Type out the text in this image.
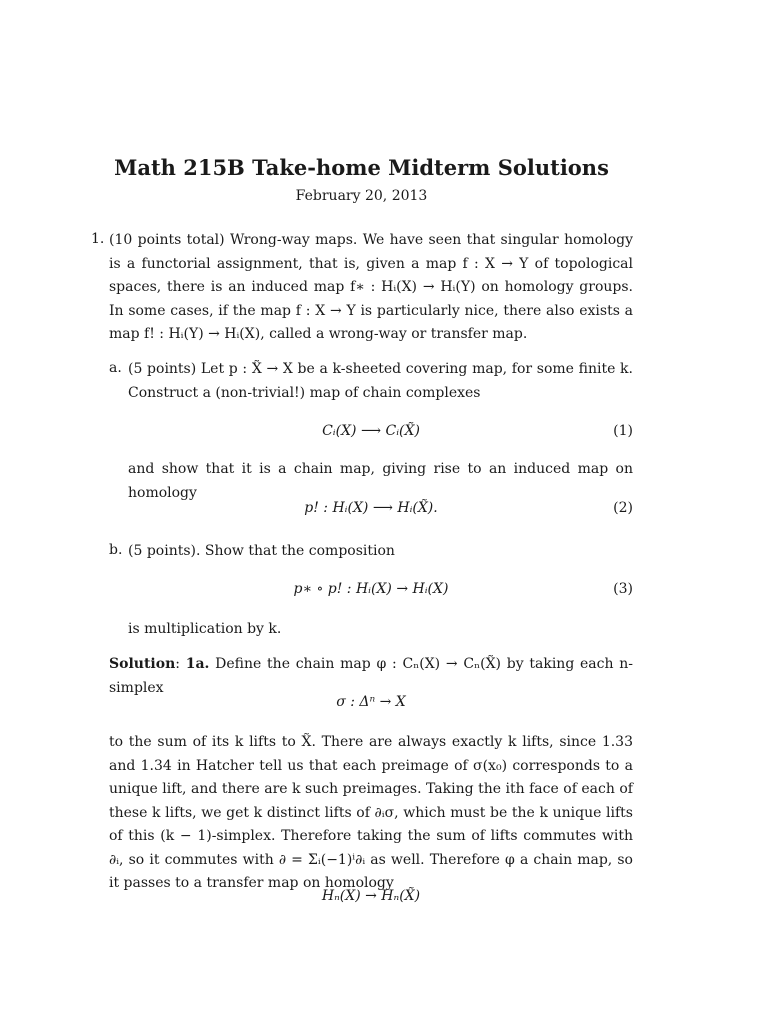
Math 215B Take-home Midterm Solutions
February 20, 2013
1. (10 points total) Wrong-way maps. We have seen that singular homology is a functorial assignment, that is, given a map f : X → Y of topological spaces, there is an induced map f∗ : Hᵢ(X) → Hᵢ(Y) on homology groups. In some cases, if the map f : X → Y is particularly nice, there also exists a map f! : Hᵢ(Y) → Hᵢ(X), called a wrong-way or transfer map.

a. (5 points) Let p : X̃ → X be a k-sheeted covering map, for some finite k. Construct a (non-trivial!) map of chain complexes

Cᵢ(X) ⟶ Cᵢ(X̃)	(1)

and show that it is a chain map, giving rise to an induced map on homology

p! : Hᵢ(X) ⟶ Hᵢ(X̃).	(2)
b. (5 points). Show that the composition

p∗ ∘ p! : Hᵢ(X) → Hᵢ(X)	(3)

is multiplication by k.

Solution: 1a. Define the chain map φ : Cₙ(X) → Cₙ(X̃) by taking each n-simplex

σ : Δⁿ → X

to the sum of its k lifts to X̃. There are always exactly k lifts, since 1.33 and 1.34 in Hatcher tell us that each preimage of σ(x₀) corresponds to a unique lift, and there are k such preimages. Taking the ith face of each of these k lifts, we get k distinct lifts of ∂ᵢσ, which must be the k unique lifts of this (k − 1)-simplex. Therefore taking the sum of lifts commutes with ∂ᵢ, so it commutes with ∂ = Σᵢ(−1)ⁱ∂ᵢ as well. Therefore φ a chain map, so it passes to a transfer map on homology

Hₙ(X) → Hₙ(X̃)
